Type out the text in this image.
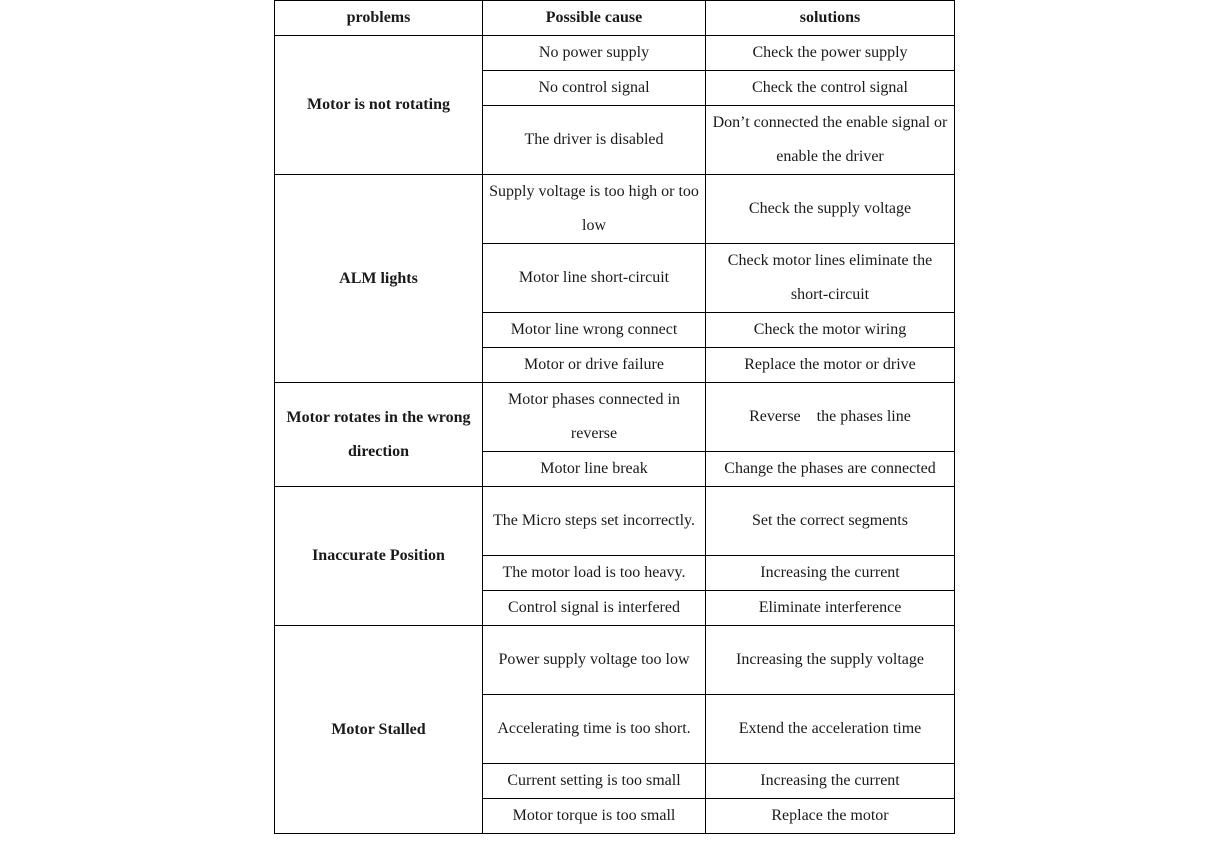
problems	Possible cause	solutions
Motor is not rotating	No power supply	Check the power supply
	No control signal	Check the control signal
	The driver is disabled	Don’t connected the enable signal or enable the driver
ALM lights	Supply voltage is too high or too low	Check the supply voltage
	Motor line short-circuit	Check motor lines eliminate the short-circuit
	Motor line wrong connect	Check the motor wiring
	Motor or drive failure	Replace the motor or drive
Motor rotates in the wrong direction	Motor phases connected in reverse	Reverse　the phases line
	Motor line break	Change the phases are connected
Inaccurate Position	The Micro steps set incorrectly.	Set the correct segments
	The motor load is too heavy.	Increasing the current
	Control signal is interfered	Eliminate interference
Motor Stalled	Power supply voltage too low	Increasing the supply voltage
	Accelerating time is too short.	Extend the acceleration time
	Current setting is too small	Increasing the current
	Motor torque is too small	Replace the motor
